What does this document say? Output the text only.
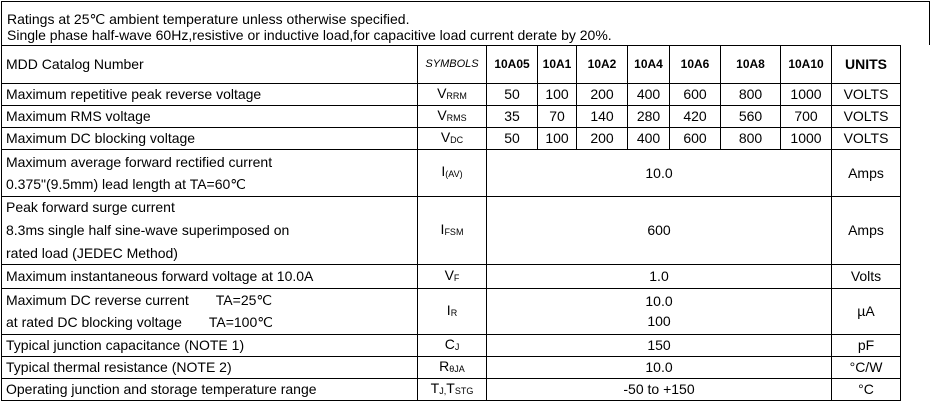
Ratings at 25℃ ambient temperature unless otherwise specified.
Single phase half-wave 60Hz,resistive or inductive load,for capacitive load current derate by 20%.
MDD Catalog Number	SYMBOLS	10A05	10A1	10A2	10A4	10A6	10A8	10A10	UNITS
Maximum repetitive peak reverse voltage	$V_{RRM}$	50	100	200	400	600	800	1000	VOLTS
Maximum RMS voltage	$V_{RMS}$	35	70	140	280	420	560	700	VOLTS
Maximum DC blocking voltage	$V_{DC}$	50	100	200	400	600	800	1000	VOLTS

Maximum average forward rectified current
0.375"(9.5mm) lead length at TA=60℃	$I_{(AV)}$	10.0							Amps

Peak forward surge current
8.3ms single half sine-wave superimposed on
rated load (JEDEC Method)	$I_{FSM}$	600							Amps
Maximum instantaneous forward voltage at 10.0A	$V_F$	1.0							Volts

Maximum DC reverse current       TA=25℃
at rated DC blocking voltage       TA=100℃	$I_R$	10.0
100							µA
Typical junction capacitance (NOTE 1)	$C_J$	150							pF
Typical thermal resistance (NOTE 2)	$R_{\theta JA}$	10.0							°C/W
Operating junction and storage temperature range	$T_{J,}T_{STG}$	-50 to +150							°C
